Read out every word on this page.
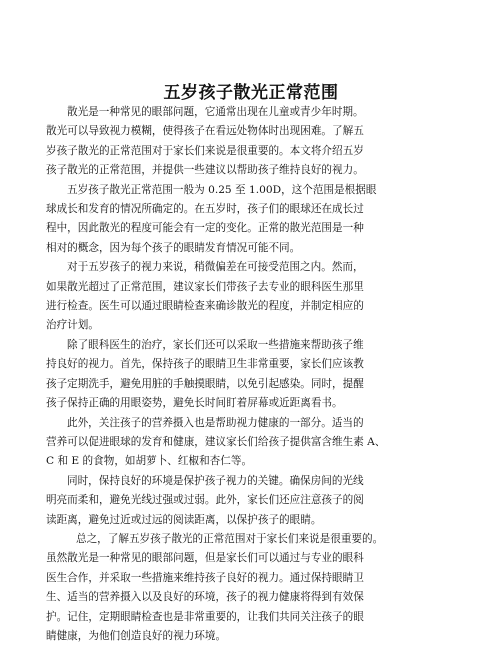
五岁孩子散光正常范围

散光是一种常见的眼部问题，它通常出现在儿童或青少年时期。
散光可以导致视力模糊，使得孩子在看远处物体时出现困难。了解五
岁孩子散光的正常范围对于家长们来说是很重要的。本文将介绍五岁
孩子散光的正常范围，并提供一些建议以帮助孩子维持良好的视力。

五岁孩子散光正常范围一般为 0.25 至 1.00D，这个范围是根据眼
球成长和发育的情况所确定的。在五岁时，孩子们的眼球还在成长过
程中，因此散光的程度可能会有一定的变化。正常的散光范围是一种
相对的概念，因为每个孩子的眼睛发育情况可能不同。

对于五岁孩子的视力来说，稍微偏差在可接受范围之内。然而，
如果散光超过了正常范围，建议家长们带孩子去专业的眼科医生那里
进行检查。医生可以通过眼睛检查来确诊散光的程度，并制定相应的
治疗计划。

除了眼科医生的治疗，家长们还可以采取一些措施来帮助孩子维
持良好的视力。首先，保持孩子的眼睛卫生非常重要，家长们应该教
孩子定期洗手，避免用脏的手触摸眼睛，以免引起感染。同时，提醒
孩子保持正确的用眼姿势，避免长时间盯着屏幕或近距离看书。

此外，关注孩子的营养摄入也是帮助视力健康的一部分。适当的
营养可以促进眼球的发育和健康，建议家长们给孩子提供富含维生素 A、
C 和 E 的食物，如胡萝卜、红椒和杏仁等。

同时，保持良好的环境是保护孩子视力的关键。确保房间的光线
明亮而柔和，避免光线过强或过弱。此外，家长们还应注意孩子的阅
读距离，避免过近或过远的阅读距离，以保护孩子的眼睛。

总之，了解五岁孩子散光的正常范围对于家长们来说是很重要的。
虽然散光是一种常见的眼部问题，但是家长们可以通过与专业的眼科
医生合作，并采取一些措施来维持孩子良好的视力。通过保持眼睛卫
生、适当的营养摄入以及良好的环境，孩子的视力健康将得到有效保
护。记住，定期眼睛检查也是非常重要的，让我们共同关注孩子的眼
睛健康，为他们创造良好的视力环境。
